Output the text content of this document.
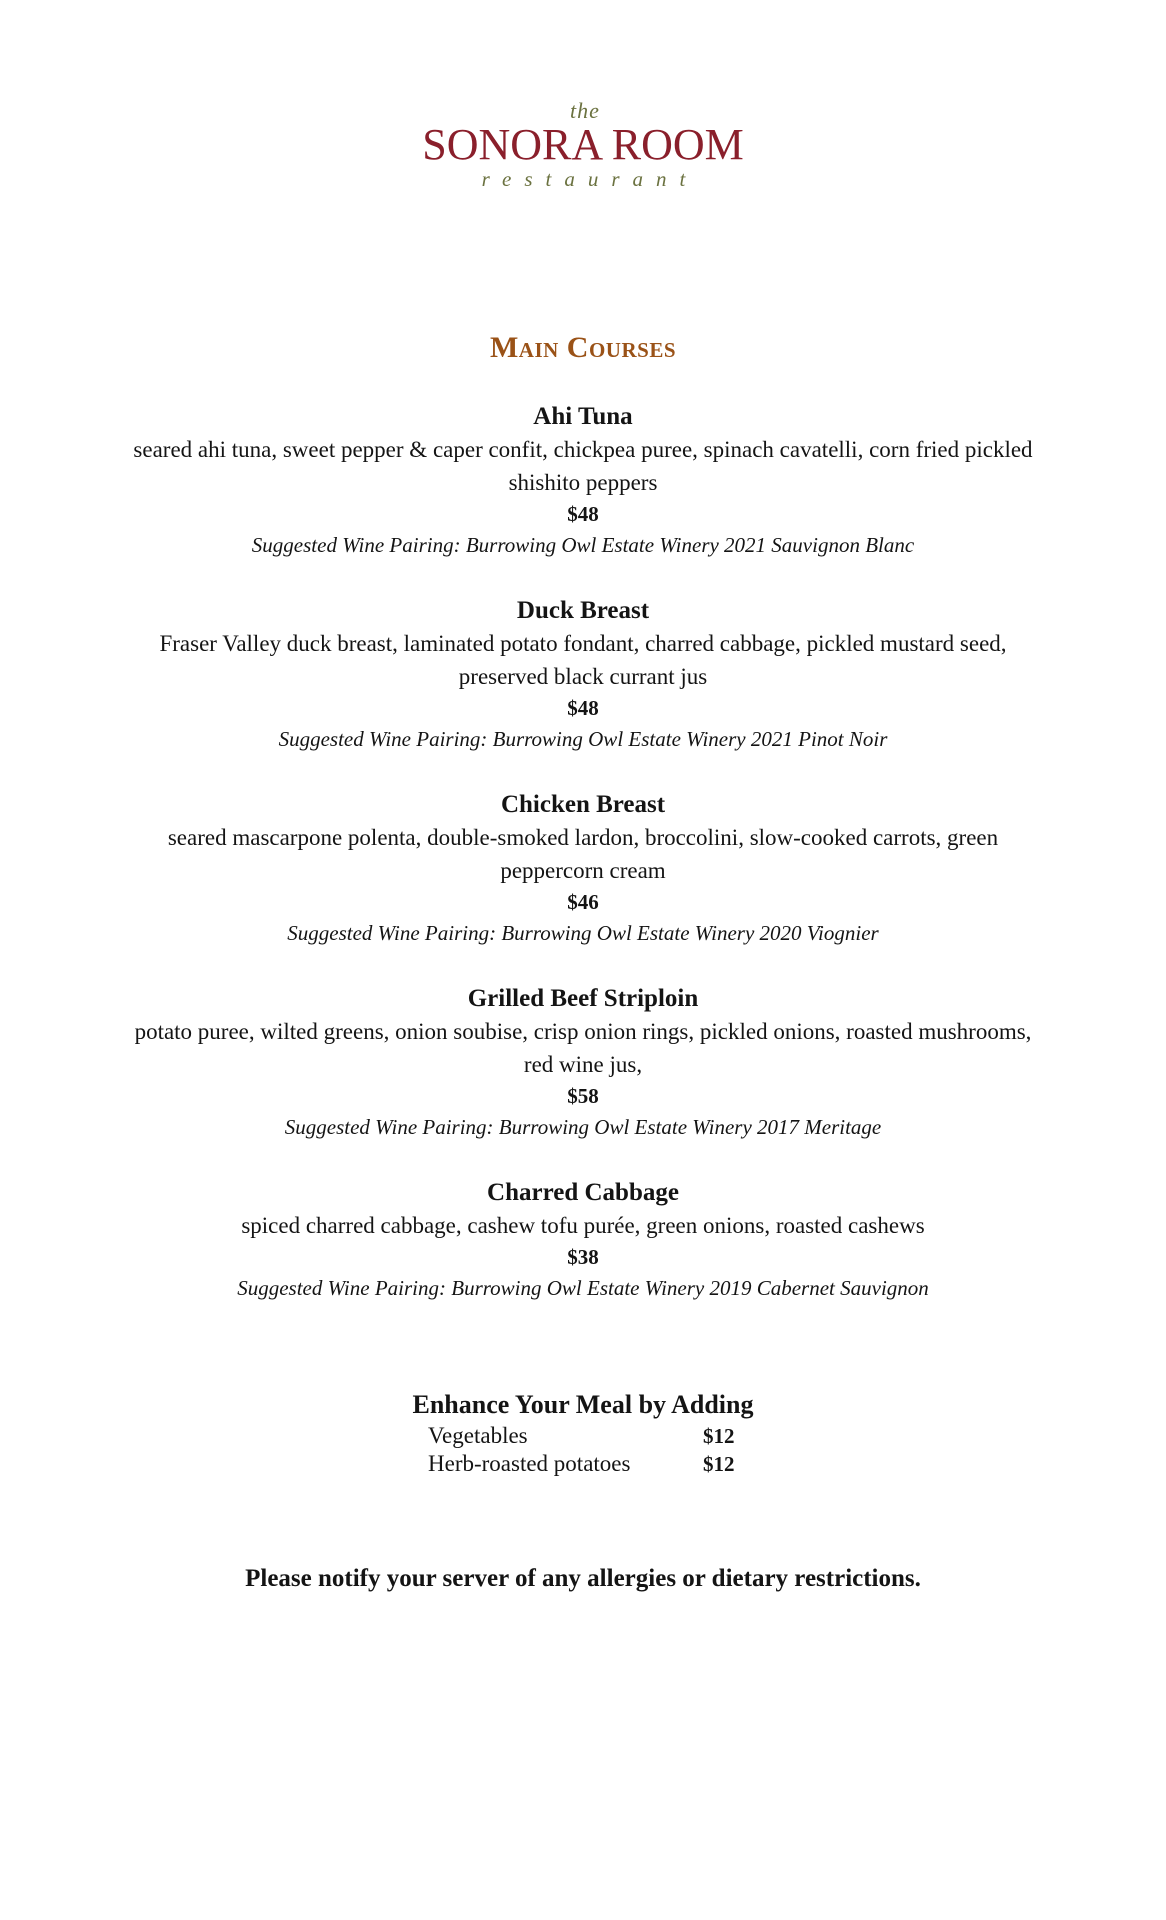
the
SONORA ROOM
restaurant
Main Courses
Ahi Tuna
seared ahi tuna, sweet pepper & caper confit, chickpea puree, spinach cavatelli, corn fried pickled shishito peppers
$48
Suggested Wine Pairing: Burrowing Owl Estate Winery 2021 Sauvignon Blanc
Duck Breast
Fraser Valley duck breast, laminated potato fondant, charred cabbage, pickled mustard seed, preserved black currant jus
$48
Suggested Wine Pairing: Burrowing Owl Estate Winery 2021 Pinot Noir
Chicken Breast
seared mascarpone polenta, double-smoked lardon, broccolini, slow-cooked carrots, green peppercorn cream
$46
Suggested Wine Pairing: Burrowing Owl Estate Winery 2020 Viognier
Grilled Beef Striploin
potato puree, wilted greens, onion soubise, crisp onion rings, pickled onions, roasted mushrooms, red wine jus,
$58
Suggested Wine Pairing: Burrowing Owl Estate Winery 2017 Meritage
Charred Cabbage
spiced charred cabbage, cashew tofu purée, green onions, roasted cashews
$38
Suggested Wine Pairing: Burrowing Owl Estate Winery 2019 Cabernet Sauvignon
Enhance Your Meal by Adding
Vegetables	$12
Herb-roasted potatoes	$12
Please notify your server of any allergies or dietary restrictions.
